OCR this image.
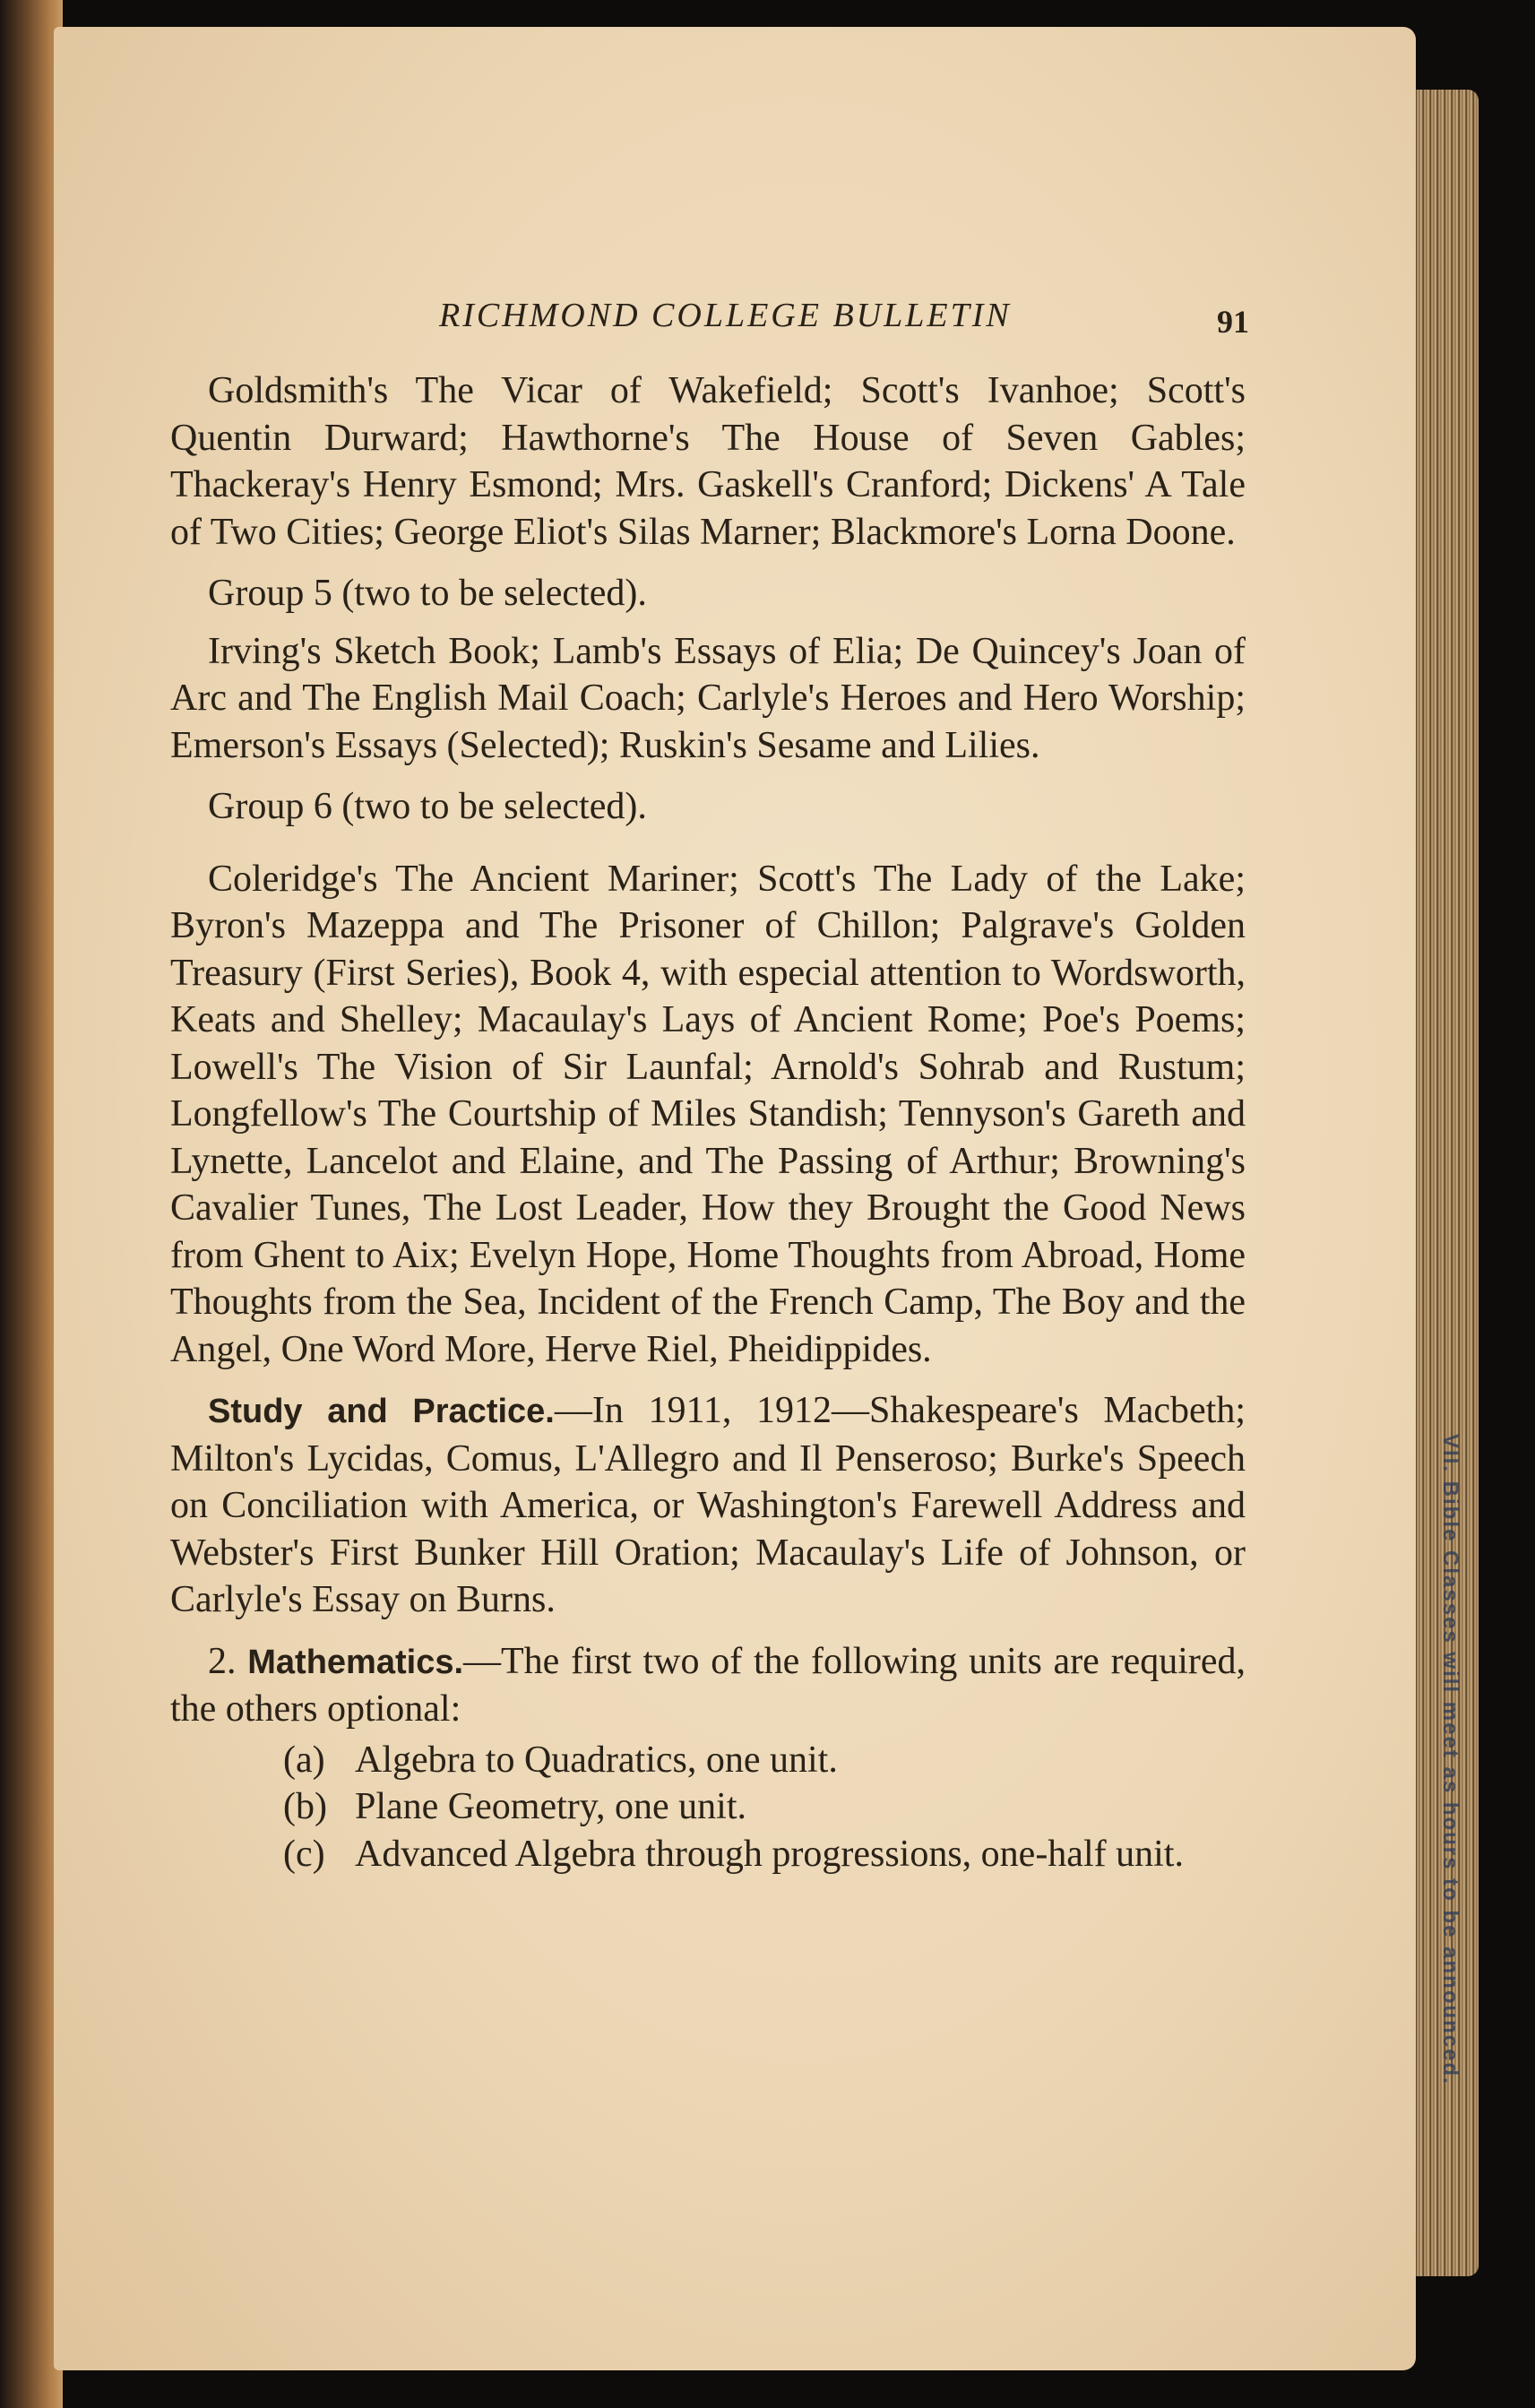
VII. Bible Classes will meet as hours to be announced.
RICHMOND COLLEGE BULLETIN	91

Goldsmith's The Vicar of Wakefield; Scott's Ivanhoe; Scott's Quentin Durward; Hawthorne's The House of Seven Gables; Thackeray's Henry Esmond; Mrs. Gaskell's Cranford; Dickens' A Tale of Two Cities; George Eliot's Silas Marner; Blackmore's Lorna Doone.

Group 5 (two to be selected).

Irving's Sketch Book; Lamb's Essays of Elia; De Quincey's Joan of Arc and The English Mail Coach; Carlyle's Heroes and Hero Worship; Emerson's Essays (Selected); Ruskin's Sesame and Lilies.

Group 6 (two to be selected).

Coleridge's The Ancient Mariner; Scott's The Lady of the Lake; Byron's Mazeppa and The Prisoner of Chillon; Palgrave's Golden Treasury (First Series), Book 4, with especial attention to Wordsworth, Keats and Shelley; Macaulay's Lays of Ancient Rome; Poe's Poems; Lowell's The Vision of Sir Launfal; Arnold's Sohrab and Rustum; Longfellow's The Courtship of Miles Standish; Tennyson's Gareth and Lynette, Lancelot and Elaine, and The Passing of Arthur; Browning's Cavalier Tunes, The Lost Leader, How they Brought the Good News from Ghent to Aix; Evelyn Hope, Home Thoughts from Abroad, Home Thoughts from the Sea, Incident of the French Camp, The Boy and the Angel, One Word More, Herve Riel, Pheidippides.

Study and Practice.—In 1911, 1912—Shakespeare's Macbeth; Milton's Lycidas, Comus, L'Allegro and Il Penseroso; Burke's Speech on Conciliation with America, or Washington's Farewell Address and Webster's First Bunker Hill Oration; Macaulay's Life of Johnson, or Carlyle's Essay on Burns.

2. Mathematics.—The first two of the following units are required, the others optional:

(a) Algebra to Quadratics, one unit.
(b) Plane Geometry, one unit.
(c) Advanced Algebra through progressions, one-half unit.
